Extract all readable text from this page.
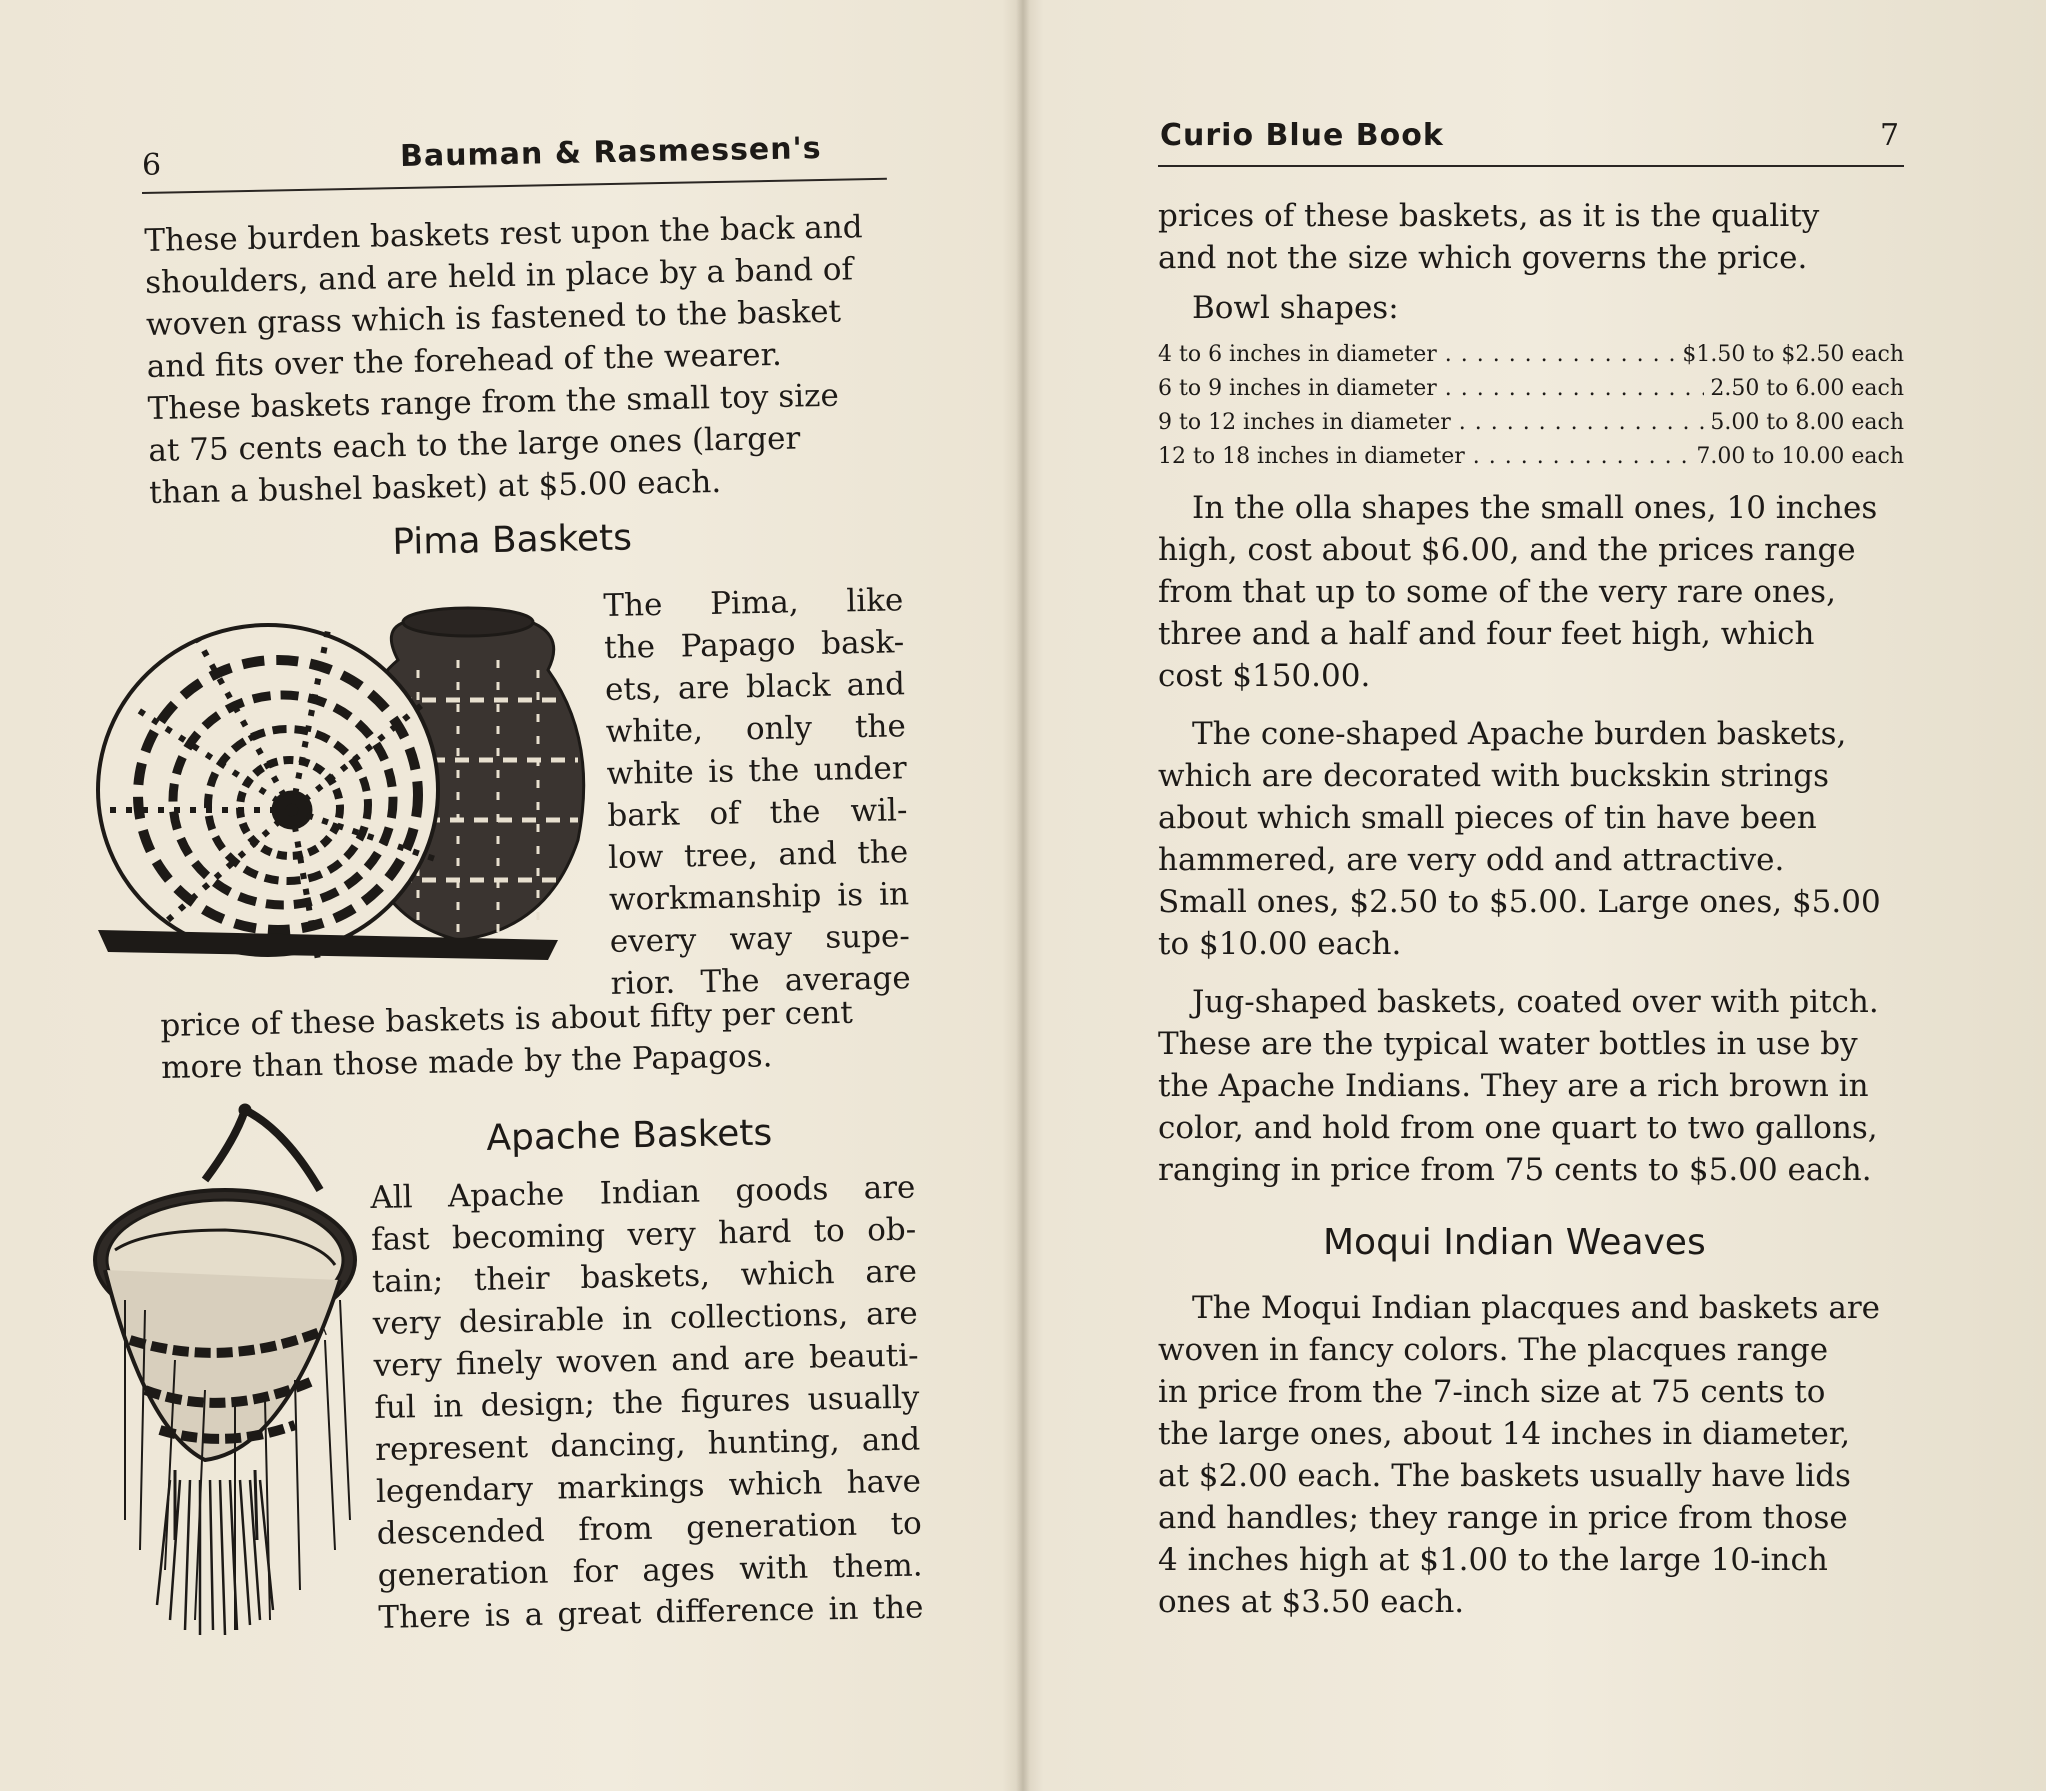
6	Bauman & Rasmessen's
These burden baskets rest upon the back and
shoulders, and are held in place by a band of
woven grass which is fastened to the basket
and fits over the forehead of the wearer.
These baskets range from the small toy size
at 75 cents each to the large ones (larger
than a bushel basket) at $5.00 each.
Pima Baskets
The Pima, like
the Papago bask-
ets, are black and
white, only the
white is the under
bark of the wil-
low tree, and the
workmanship is in
every way supe-
rior. The average
price of these baskets is about fifty per cent
more than those made by the Papagos.
Apache Baskets
All Apache Indian goods are
fast becoming very hard to ob-
tain; their baskets, which are
very desirable in collections, are
very finely woven and are beauti-
ful in design; the figures usually
represent dancing, hunting, and
legendary markings which have
descended from generation to
generation for ages with them.
There is a great difference in the
Curio Blue Book	7
prices of these baskets, as it is the quality
and not the size which governs the price.
Bowl shapes:
4 to 6 inches in diameter . . .	$1.50 to $2.50 each
6 to 9 inches in diameter . . .	2.50 to 6.00 each
9 to 12 inches in diameter . . .	5.00 to 8.00 each
12 to 18 inches in diameter . . .	7.00 to 10.00 each
In the olla shapes the small ones, 10 inches
high, cost about $6.00, and the prices range
from that up to some of the very rare ones,
three and a half and four feet high, which
cost $150.00.
The cone-shaped Apache burden baskets,
which are decorated with buckskin strings
about which small pieces of tin have been
hammered, are very odd and attractive.
Small ones, $2.50 to $5.00. Large ones, $5.00
to $10.00 each.
Jug-shaped baskets, coated over with pitch.
These are the typical water bottles in use by
the Apache Indians. They are a rich brown in
color, and hold from one quart to two gallons,
ranging in price from 75 cents to $5.00 each.
Moqui Indian Weaves
The Moqui Indian placques and baskets are
woven in fancy colors. The placques range
in price from the 7-inch size at 75 cents to
the large ones, about 14 inches in diameter,
at $2.00 each. The baskets usually have lids
and handles; they range in price from those
4 inches high at $1.00 to the large 10-inch
ones at $3.50 each.
